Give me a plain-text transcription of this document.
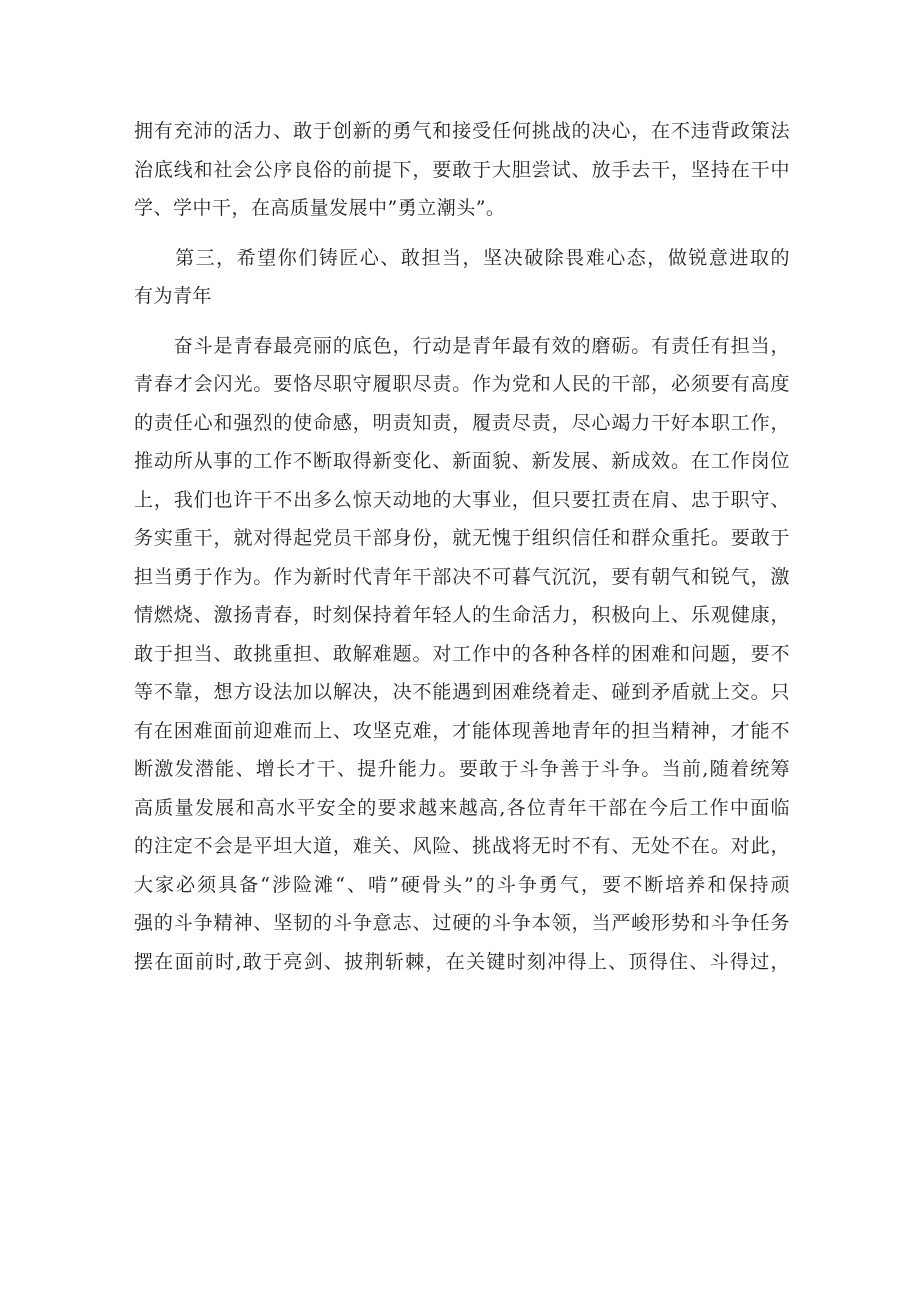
拥有充沛的活力、敢于创新的勇气和接受任何挑战的决心，在不违背政策法

治底线和社会公序良俗的前提下，要敢于大胆尝试、放手去干，坚持在干中

学、学中干，在高质量发展中”勇立潮头”。

　　第三，希望你们铸匠心、敢担当，坚决破除畏难心态，做锐意进取的

有为青年

　　奋斗是青春最亮丽的底色，行动是青年最有效的磨砺。有责任有担当，

青春才会闪光。要恪尽职守履职尽责。作为党和人民的干部，必须要有高度

的责任心和强烈的使命感，明责知责，履责尽责，尽心竭力干好本职工作，

推动所从事的工作不断取得新变化、新面貌、新发展、新成效。在工作岗位

上，我们也许干不出多么惊天动地的大事业，但只要扛责在肩、忠于职守、

务实重干，就对得起党员干部身份，就无愧于组织信任和群众重托。要敢于

担当勇于作为。作为新时代青年干部决不可暮气沉沉，要有朝气和锐气，激

情燃烧、激扬青春，时刻保持着年轻人的生命活力，积极向上、乐观健康，

敢于担当、敢挑重担、敢解难题。对工作中的各种各样的困难和问题，要不

等不靠，想方设法加以解决，决不能遇到困难绕着走、碰到矛盾就上交。只

有在困难面前迎难而上、攻坚克难，才能体现善地青年的担当精神，才能不

断激发潜能、增长才干、提升能力。要敢于斗争善于斗争。当前,随着统筹

高质量发展和高水平安全的要求越来越高,各位青年干部在今后工作中面临

的注定不会是平坦大道，难关、风险、挑战将无时不有、无处不在。对此，

大家必须具备“涉险滩“、啃”硬骨头”的斗争勇气，要不断培养和保持顽

强的斗争精神、坚韧的斗争意志、过硬的斗争本领，当严峻形势和斗争任务

摆在面前时,敢于亮剑、披荆斩棘，在关键时刻冲得上、顶得住、斗得过，
